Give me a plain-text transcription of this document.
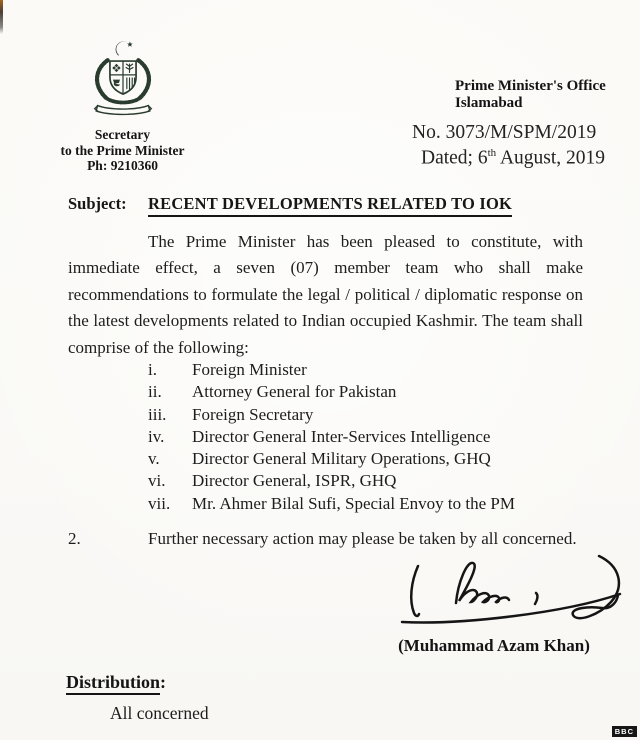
Secretary
to the Prime Minister
Ph: 9210360
Prime Minister's Office
Islamabad
No. 3073/M/SPM/2019
Dated; 6th August, 2019
Subject:	RECENT DEVELOPMENTS RELATED TO IOK

The Prime Minister has been pleased to constitute, with immediate effect, a seven (07) member team who shall make recommendations to formulate the legal / political / diplomatic response on the latest developments related to Indian occupied Kashmir. The team shall comprise of the following:

i.	Foreign Minister
ii.	Attorney General for Pakistan
iii.	Foreign Secretary
iv.	Director General Inter-Services Intelligence
v.	Director General Military Operations, GHQ
vi.	Director General, ISPR, GHQ
vii.	Mr. Ahmer Bilal Sufi, Special Envoy to the PM
2.	Further necessary action may please be taken by all concerned.
(Muhammad Azam Khan)
Distribution:
All concerned
BBC
